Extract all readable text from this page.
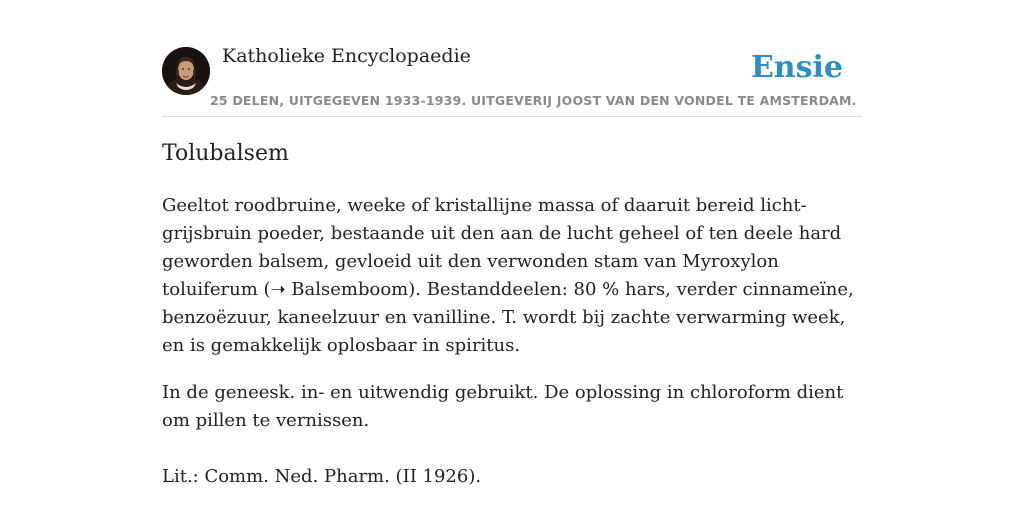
Katholieke Encyclopaedie
25 DELEN, UITGEGEVEN 1933-1939. UITGEVERIJ JOOST VAN DEN VONDEL TE AMSTERDAM.
Ensie
Tolubalsem

Geeltot roodbruine, weeke of kristallijne massa of daaruit bereid licht-grijsbruin poeder, bestaande uit den aan de lucht geheel of ten deele hard geworden balsem, gevloeid uit den verwonden stam van Myroxylon toluiferum (➝ Balsemboom). Bestanddeelen: 80 % hars, verder cinnameïne, benzoëzuur, kaneelzuur en vanilline. T. wordt bij zachte verwarming week, en is gemakkelijk oplosbaar in spiritus.

In de geneesk. in- en uitwendig gebruikt. De oplossing in chloroform dient om pillen te vernissen.

Lit.: Comm. Ned. Pharm. (II 1926).
